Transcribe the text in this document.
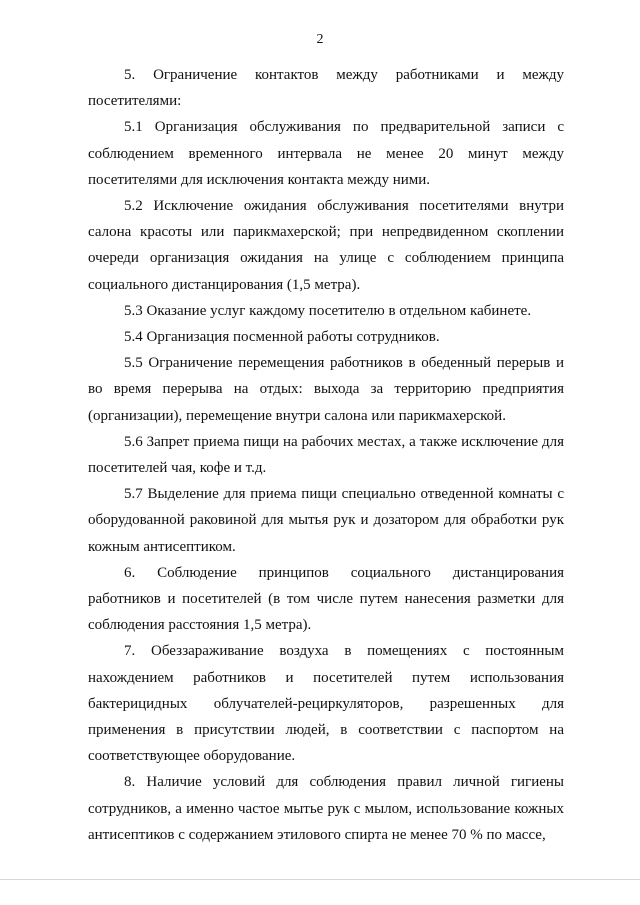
2

5. Ограничение контактов между работниками и между посетителями:

5.1 Организация обслуживания по предварительной записи с соблюдением временного интервала не менее 20 минут между посетителями для исключения контакта между ними.

5.2 Исключение ожидания обслуживания посетителями внутри салона красоты или парикмахерской; при непредвиденном скоплении очереди организация ожидания на улице с соблюдением принципа социального дистанцирования (1,5 метра).

5.3 Оказание услуг каждому посетителю в отдельном кабинете.

5.4 Организация посменной работы сотрудников.

5.5 Ограничение перемещения работников в обеденный перерыв и во время перерыва на отдых: выхода за территорию предприятия (организации), перемещение внутри салона или парикмахерской.

5.6 Запрет приема пищи на рабочих местах, а также исключение для посетителей чая, кофе и т.д.

5.7 Выделение для приема пищи специально отведенной комнаты с оборудованной раковиной для мытья рук и дозатором для обработки рук кожным антисептиком.

6. Соблюдение принципов социального дистанцирования работников и посетителей (в том числе путем нанесения разметки для соблюдения расстояния 1,5 метра).

7. Обеззараживание воздуха в помещениях с постоянным нахождением работников и посетителей путем использования бактерицидных облучателей-рециркуляторов, разрешенных для применения в присутствии людей, в соответствии с паспортом на соответствующее оборудование.

8. Наличие условий для соблюдения правил личной гигиены сотрудников, а именно частое мытье рук с мылом, использование кожных антисептиков с содержанием этилового спирта не менее 70 % по массе,
